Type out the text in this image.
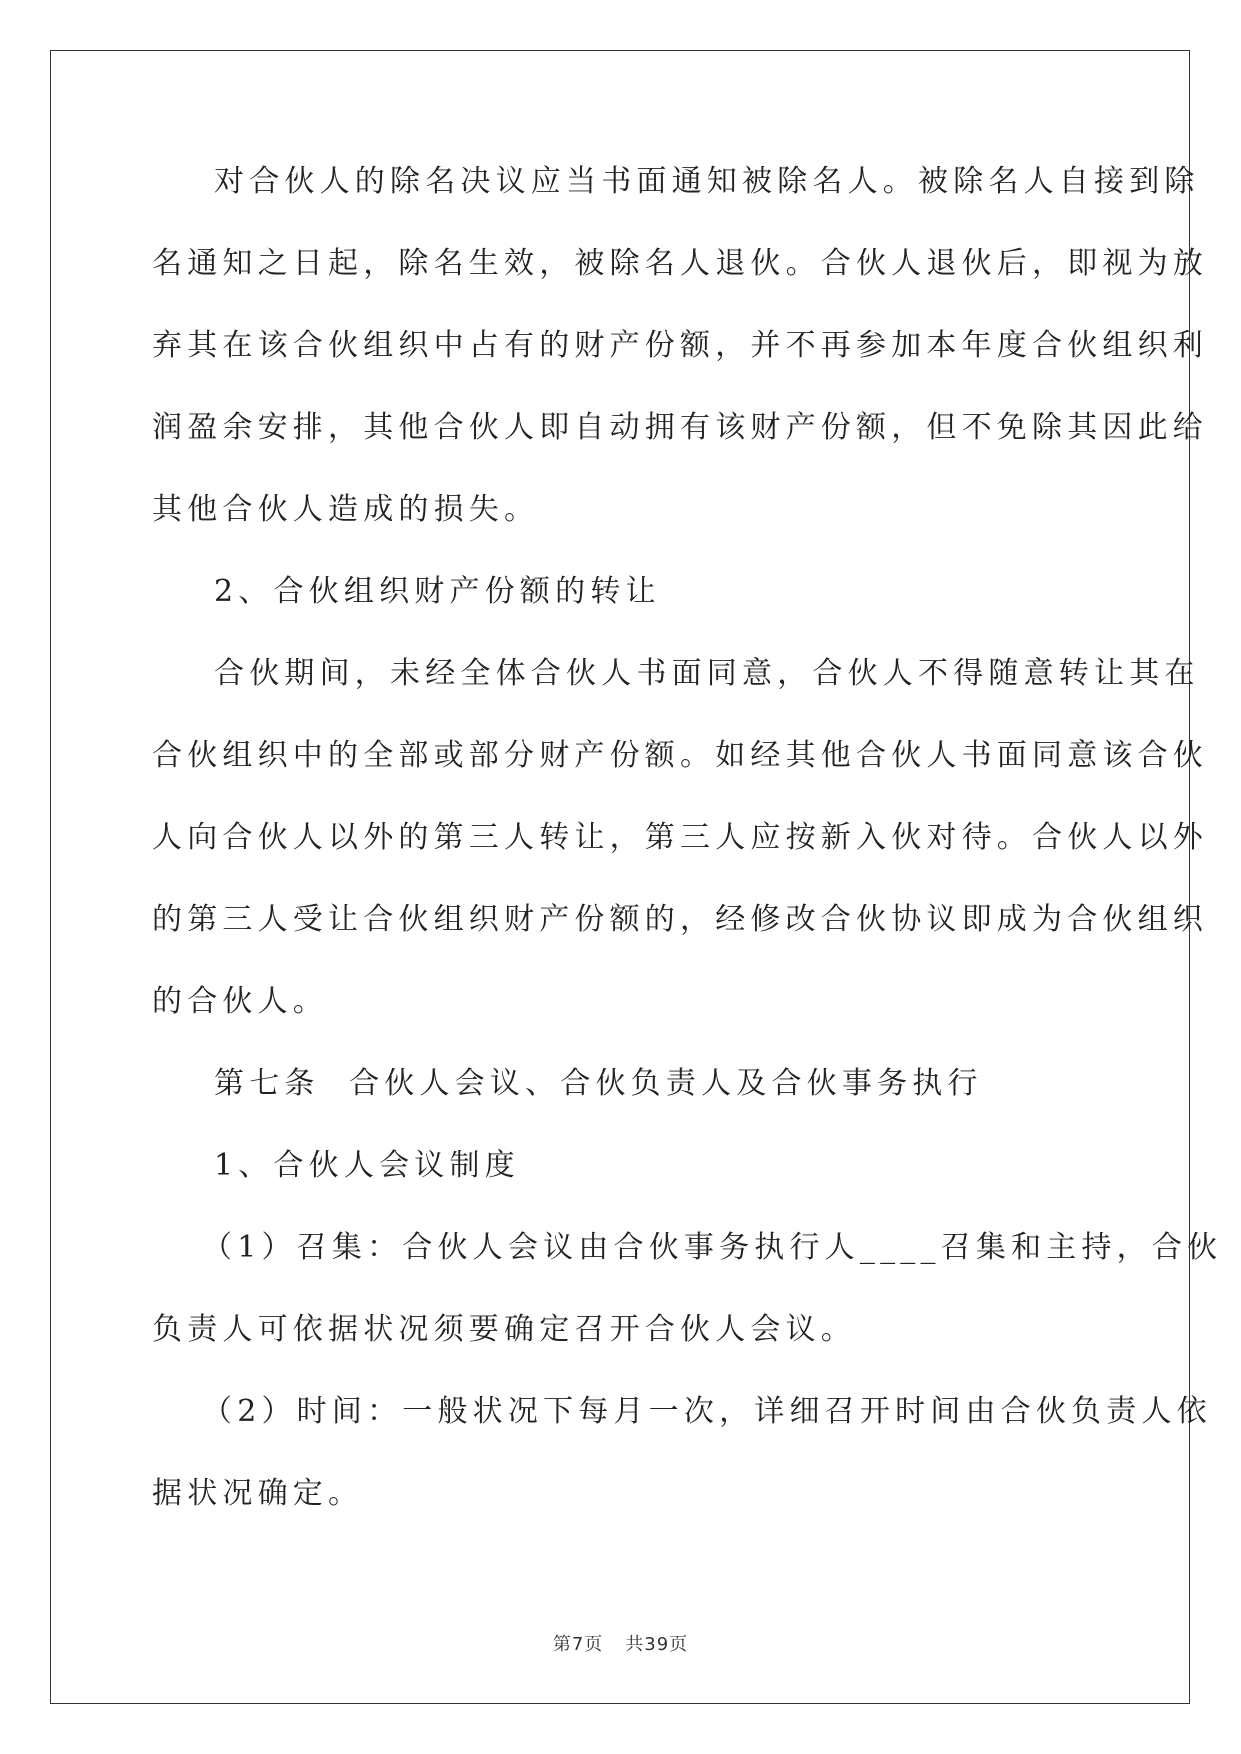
对合伙人的除名决议应当书面通知被除名人。被除名人自接到除
名通知之日起，除名生效，被除名人退伙。合伙人退伙后，即视为放
弃其在该合伙组织中占有的财产份额，并不再参加本年度合伙组织利
润盈余安排，其他合伙人即自动拥有该财产份额，但不免除其因此给
其他合伙人造成的损失。
2、合伙组织财产份额的转让
合伙期间，未经全体合伙人书面同意，合伙人不得随意转让其在
合伙组织中的全部或部分财产份额。如经其他合伙人书面同意该合伙
人向合伙人以外的第三人转让，第三人应按新入伙对待。合伙人以外
的第三人受让合伙组织财产份额的，经修改合伙协议即成为合伙组织
的合伙人。
第七条  合伙人会议、合伙负责人及合伙事务执行
1、合伙人会议制度
（1）召集：合伙人会议由合伙事务执行人____召集和主持，合伙
负责人可依据状况须要确定召开合伙人会议。
（2）时间：一般状况下每月一次，详细召开时间由合伙负责人依
据状况确定。
第7页 共39页
